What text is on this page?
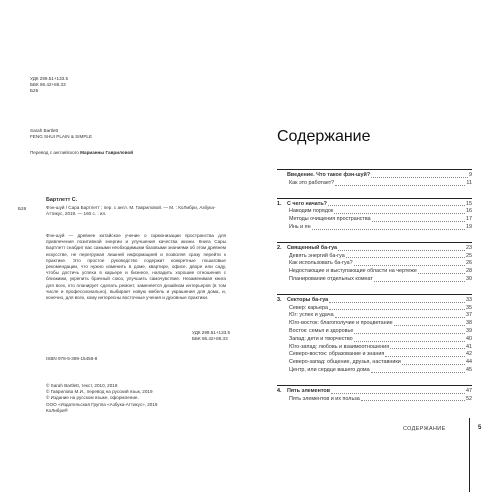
УДК 299.51+133.5
ББК 86.42+86.33
Б26
Sarah Bartlett
FENG SHUI PLAIN & SIMPLE
Перевод с английского Марианны Гавриловой
Б26
Бартлетт С.
Фэн-шуй / Сара Бартлетт ; пер. с англ. М. Гавриловой. — М. : КоЛибри, Азбука-Аттикус, 2019. — 160 с. : ил.
Фэн-шуй — древнее китайское учение о гармонизации пространства для привлечения позитивной энергии и улучшения качества жизни. Книга Сары Бартлетт снабдит вас самыми необходимыми базовыми знаниями об этом древнем искусстве, не перегружая лишней информацией и позволяя сразу перейти к практике. Это простое руководство содержит конкретные пошаговые рекомендации, что нужно изменить в доме, квартире, офисе, дворе или саду, чтобы достичь успеха в карьере и бизнесе, наладить хорошие отношения с близкими, укрепить брачный союз, улучшить самочувствие. Незаменимая книга для всех, кто планирует сделать ремонт, заменяется дизайном интерьеров (в том числе и профессионально), выбирает новую мебель и украшения для дома, и, конечно, для всех, кому интересны восточные учения и духовные практики.
УДК 299.51+133.5
ББК 86.42+86.33
ISBN 978-5-389-15456-8
© Sarah Bartlett, текст, 2010, 2018
© Гаврилова М.И., перевод на русский язык, 2019
© Издание на русском языке, оформление.
ООО «Издательская Группа «Азбука-Аттикус», 2019
КоЛибри®
Содержание
Введение. Что такое фэн-шуй?	9
Как это работает?	11
1.	С чего начать?	15
Наводим порядок	16
Методы очищения пространства	17
Инь и ян	19
2.	Священный ба-гуа	23
Девять энергий ба-гуа	25
Как использовать ба-гуа?	26
Недостающие и выступающие области на чертеже	28
Планирование отдельных комнат	30
3.	Секторы ба-гуа	33
Север: карьера	35
Юг: успех и удача	37
Юго-восток: благополучие и процветание	38
Восток: семья и здоровье	39
Запад: дети и творчество	40
Юго-запад: любовь и взаимоотношения	41
Северо-восток: образование и знания	42
Северо-запад: общение, друзья, наставники	44
Центр, или сердце вашего дома	45
4.	Пять элементов	47
Пять элементов и их польза	52
СОДЕРЖАНИЕ	5
